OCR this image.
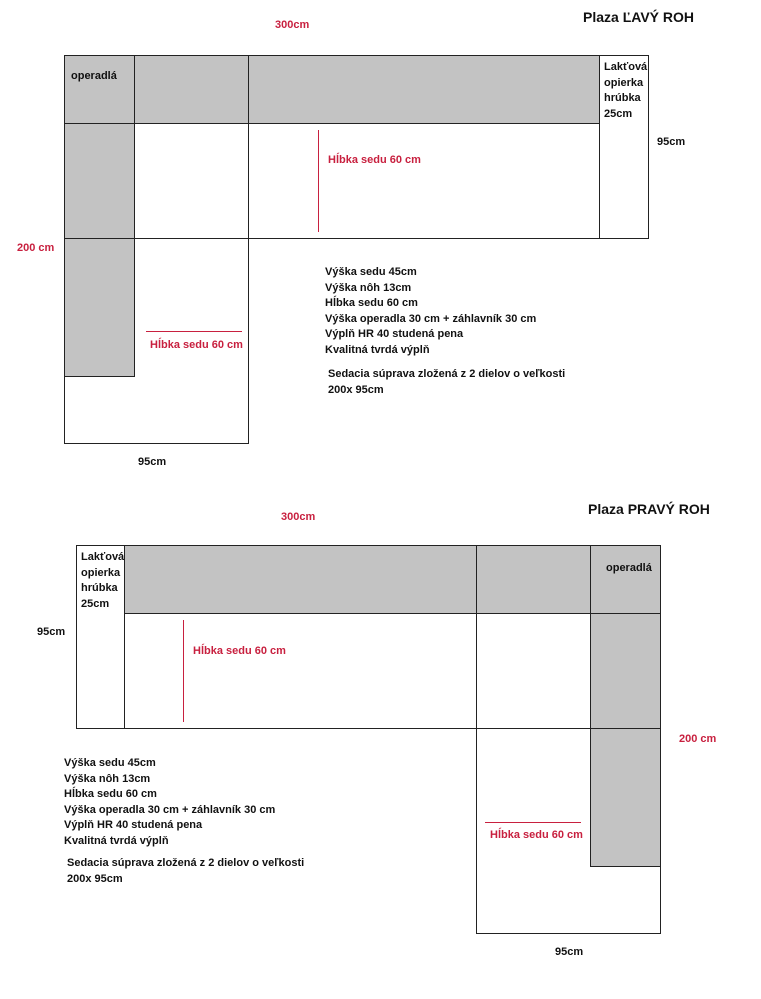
Plaza ĽAVÝ ROH
300cm
200 cm
95cm
95cm
Lakťová
opierka
hrúbka
25cm
operadlá
Hĺbka sedu 60 cm
Hĺbka sedu 60 cm
Výška sedu 45cm
Výška nôh 13cm
Hĺbka sedu 60 cm
Výška operadla 30 cm + záhlavník 30 cm
Výplň HR 40 studená pena
Kvalitná tvrdá výplň
Sedacia súprava zložená z 2 dielov o veľkosti
200x 95cm
Plaza PRAVÝ ROH
300cm
95cm
200 cm
95cm
Lakťová
opierka
hrúbka
25cm
operadlá
Hĺbka sedu 60 cm
Hĺbka sedu 60 cm
Výška sedu 45cm
Výška nôh 13cm
Hĺbka sedu 60 cm
Výška operadla 30 cm + záhlavník 30 cm
Výplň HR 40 studená pena
Kvalitná tvrdá výplň
Sedacia súprava zložená z 2 dielov o veľkosti
200x 95cm
